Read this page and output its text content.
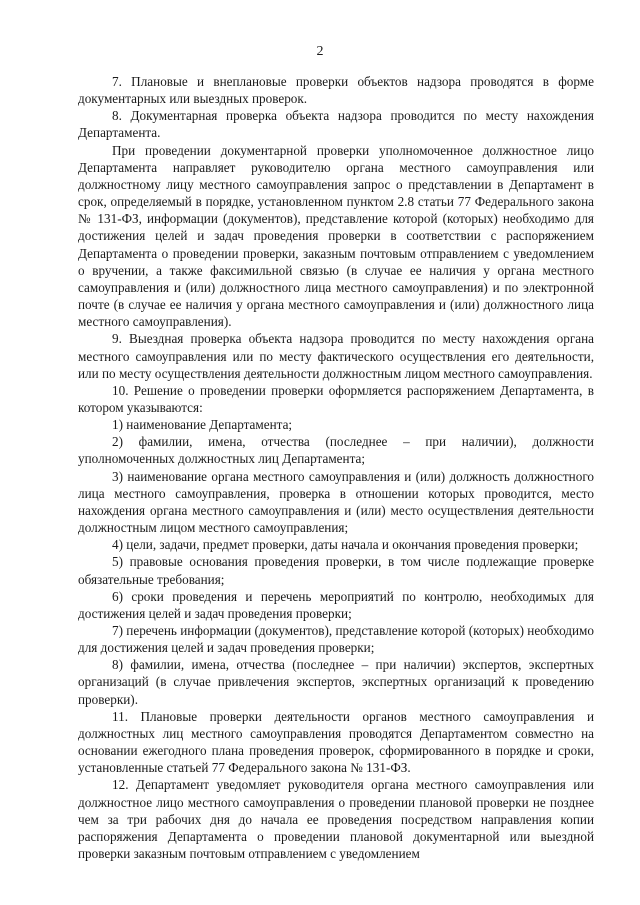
2

7. Плановые и внеплановые проверки объектов надзора проводятся в форме документарных или выездных проверок.

8. Документарная проверка объекта надзора проводится по месту нахождения Департамента.

При проведении документарной проверки уполномоченное должностное лицо Департамента направляет руководителю органа местного самоуправления или должностному лицу местного самоуправления запрос о представлении в Департамент в срок, определяемый в порядке, установленном пунктом 2.8 статьи 77 Федерального закона № 131-ФЗ, информации (документов), представление которой (которых) необходимо для достижения целей и задач проведения проверки в соответствии с распоряжением Департамента о проведении проверки, заказным почтовым отправлением с уведомлением о вручении, а также факсимильной связью (в случае ее наличия у органа местного самоуправления и (или) должностного лица местного самоуправления) и по электронной почте (в случае ее наличия у органа местного самоуправления и (или) должностного лица местного самоуправления).

9. Выездная проверка объекта надзора проводится по месту нахождения органа местного самоуправления или по месту фактического осуществления его деятельности, или по месту осуществления деятельности должностным лицом местного самоуправления.

10. Решение о проведении проверки оформляется распоряжением Департамента, в котором указываются:

1) наименование Департамента;

2) фамилии, имена, отчества (последнее – при наличии), должности уполномоченных должностных лиц Департамента;

3) наименование органа местного самоуправления и (или) должность должностного лица местного самоуправления, проверка в отношении которых проводится, место нахождения органа местного самоуправления и (или) место осуществления деятельности должностным лицом местного самоуправления;

4) цели, задачи, предмет проверки, даты начала и окончания проведения проверки;

5) правовые основания проведения проверки, в том числе подлежащие проверке обязательные требования;

6) сроки проведения и перечень мероприятий по контролю, необходимых для достижения целей и задач проведения проверки;

7) перечень информации (документов), представление которой (которых) необходимо для достижения целей и задач проведения проверки;

8) фамилии, имена, отчества (последнее – при наличии) экспертов, экспертных организаций (в случае привлечения экспертов, экспертных организаций к проведению проверки).

11. Плановые проверки деятельности органов местного самоуправления и должностных лиц местного самоуправления проводятся Департаментом совместно на основании ежегодного плана проведения проверок, сформированного в порядке и сроки, установленные статьей 77 Федерального закона № 131-ФЗ.

12. Департамент уведомляет руководителя органа местного самоуправления или должностное лицо местного самоуправления о проведении плановой проверки не позднее чем за три рабочих дня до начала ее проведения посредством направления копии распоряжения Департамента о проведении плановой документарной или выездной проверки заказным почтовым отправлением с уведомлением
